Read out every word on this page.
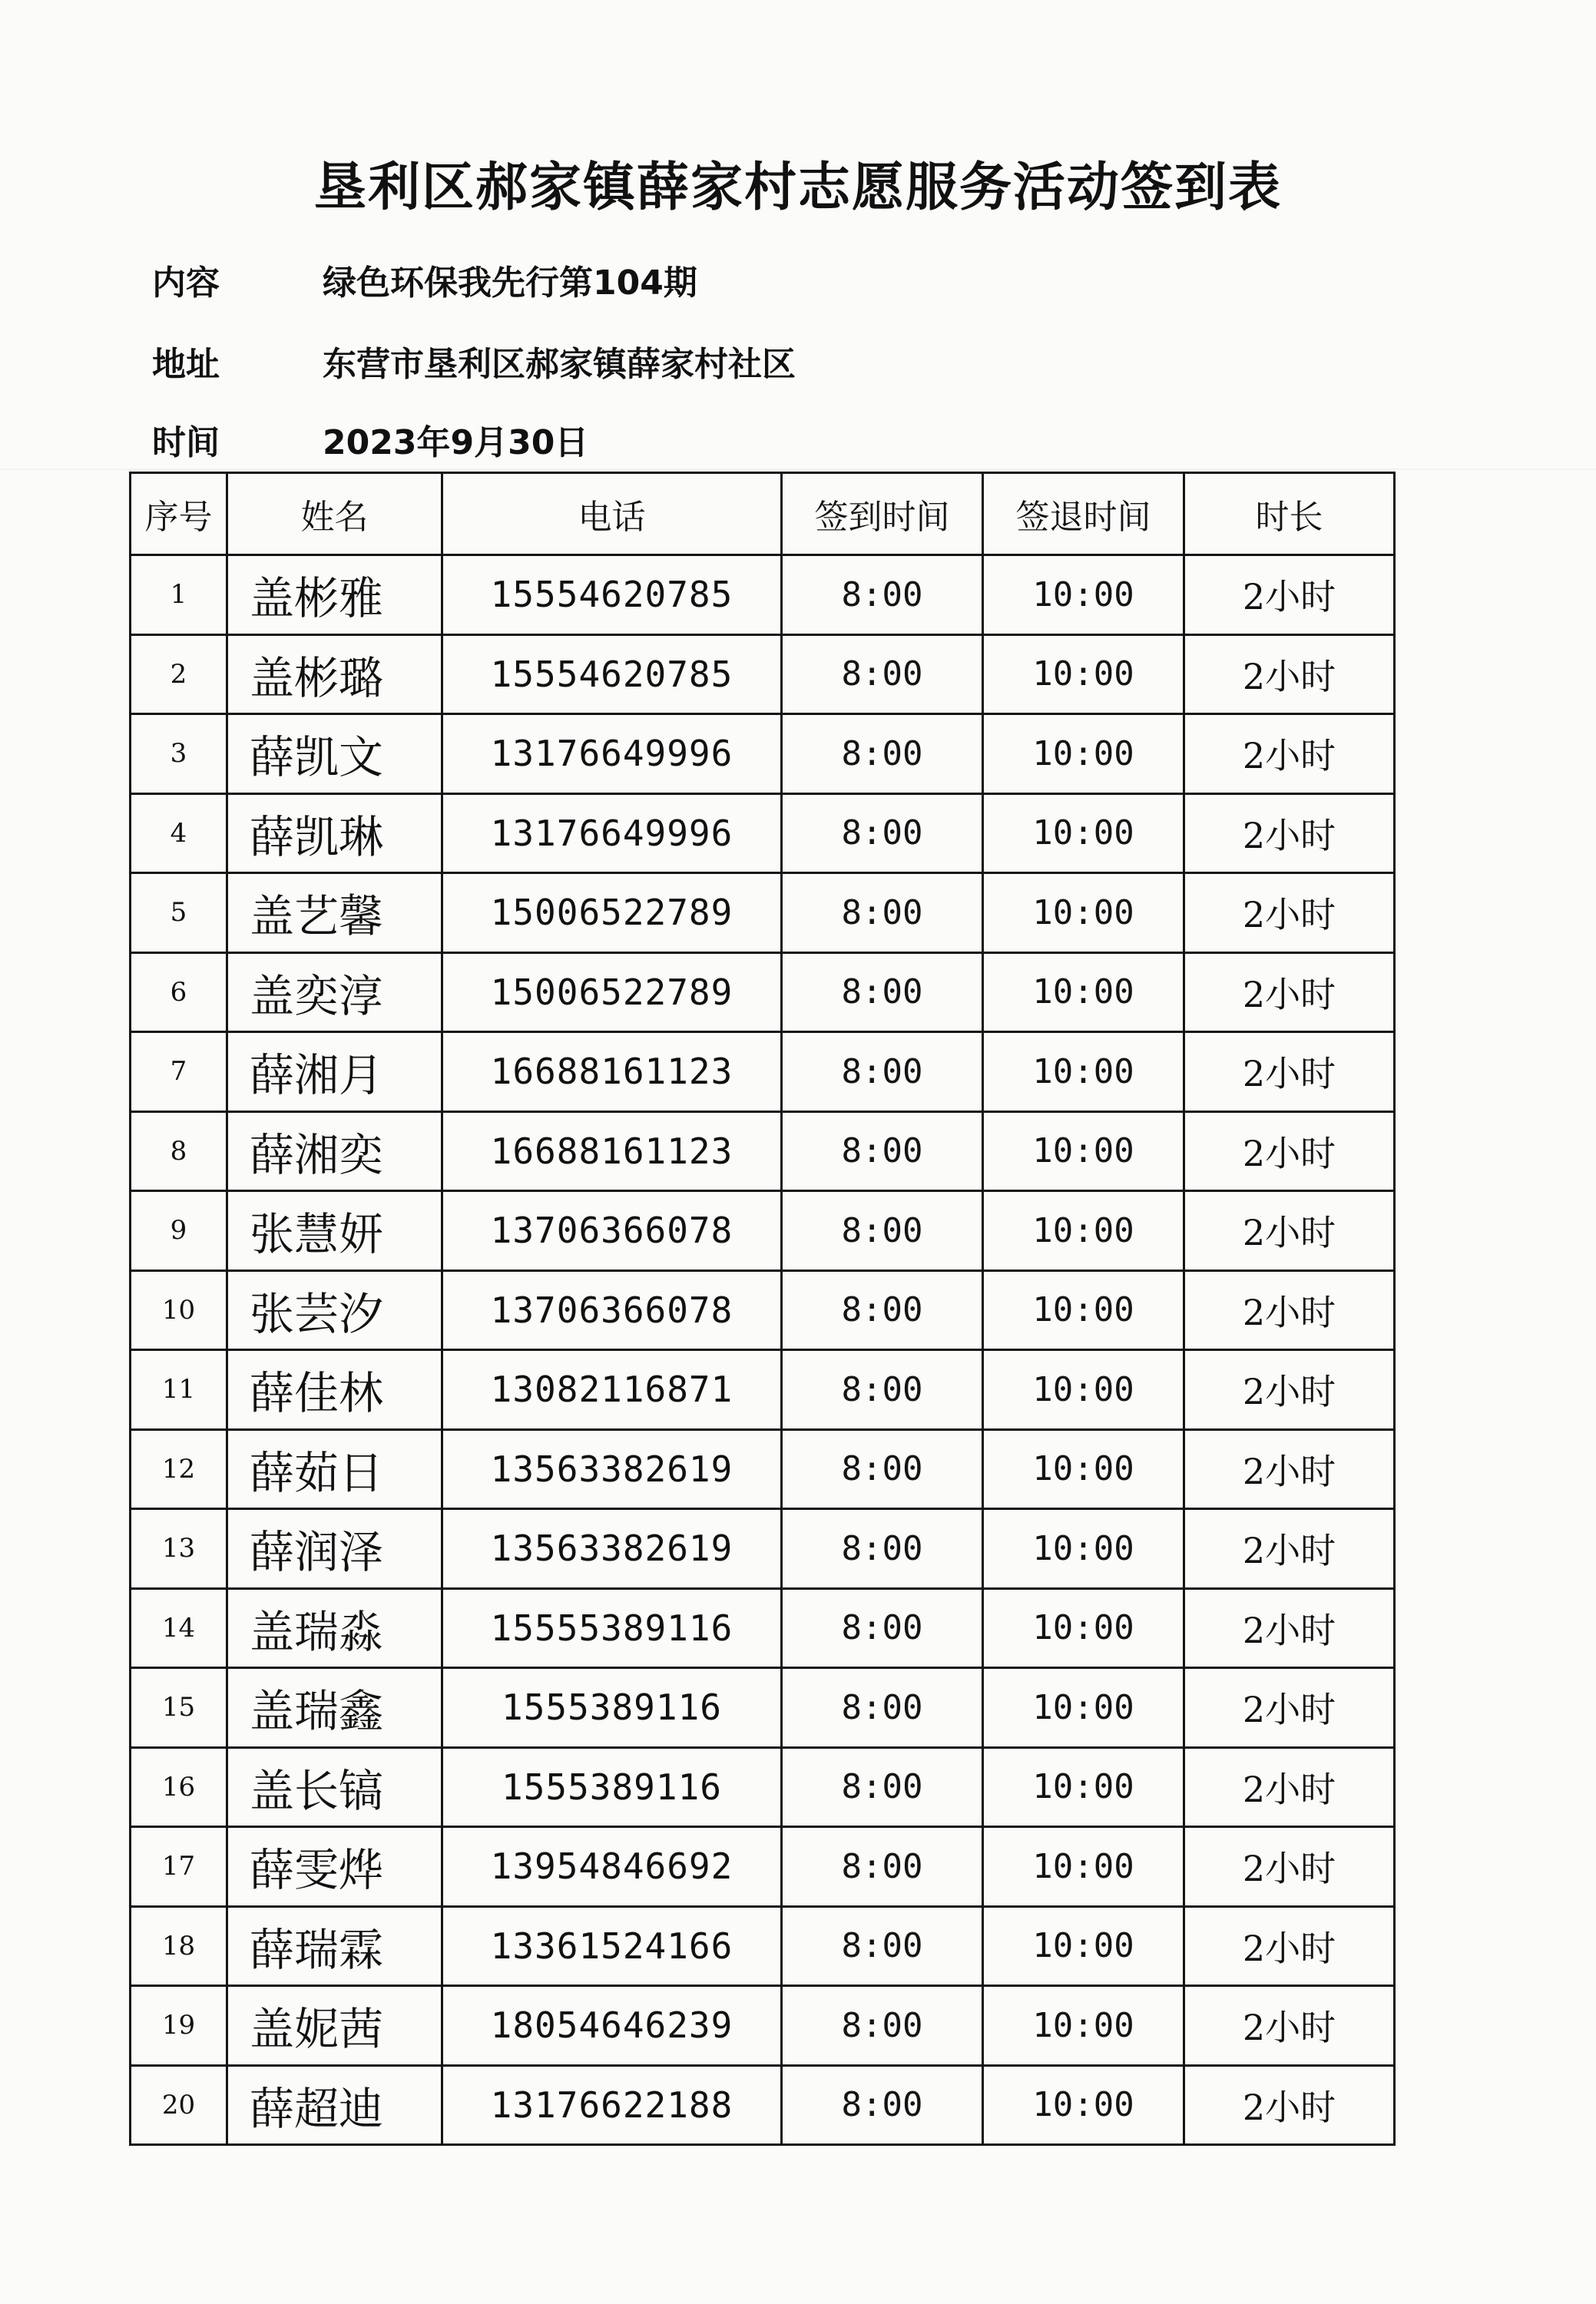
垦利区郝家镇薛家村志愿服务活动签到表
内容	绿色环保我先行第104期
地址	东营市垦利区郝家镇薛家村社区
时间	2023年9月30日
序号	姓名	电话	签到时间	签退时间	时长
1	盖彬雅	15554620785	8:00	10:00	2小时
2	盖彬璐	15554620785	8:00	10:00	2小时
3	薛凯文	13176649996	8:00	10:00	2小时
4	薛凯琳	13176649996	8:00	10:00	2小时
5	盖艺馨	15006522789	8:00	10:00	2小时
6	盖奕淳	15006522789	8:00	10:00	2小时
7	薛湘月	16688161123	8:00	10:00	2小时
8	薛湘奕	16688161123	8:00	10:00	2小时
9	张慧妍	13706366078	8:00	10:00	2小时
10	张芸汐	13706366078	8:00	10:00	2小时
11	薛佳林	13082116871	8:00	10:00	2小时
12	薛茹日	13563382619	8:00	10:00	2小时
13	薛润泽	13563382619	8:00	10:00	2小时
14	盖瑞淼	15555389116	8:00	10:00	2小时
15	盖瑞鑫	1555389116	8:00	10:00	2小时
16	盖长镐	1555389116	8:00	10:00	2小时
17	薛雯烨	13954846692	8:00	10:00	2小时
18	薛瑞霖	13361524166	8:00	10:00	2小时
19	盖妮茜	18054646239	8:00	10:00	2小时
20	薛超迪	13176622188	8:00	10:00	2小时
